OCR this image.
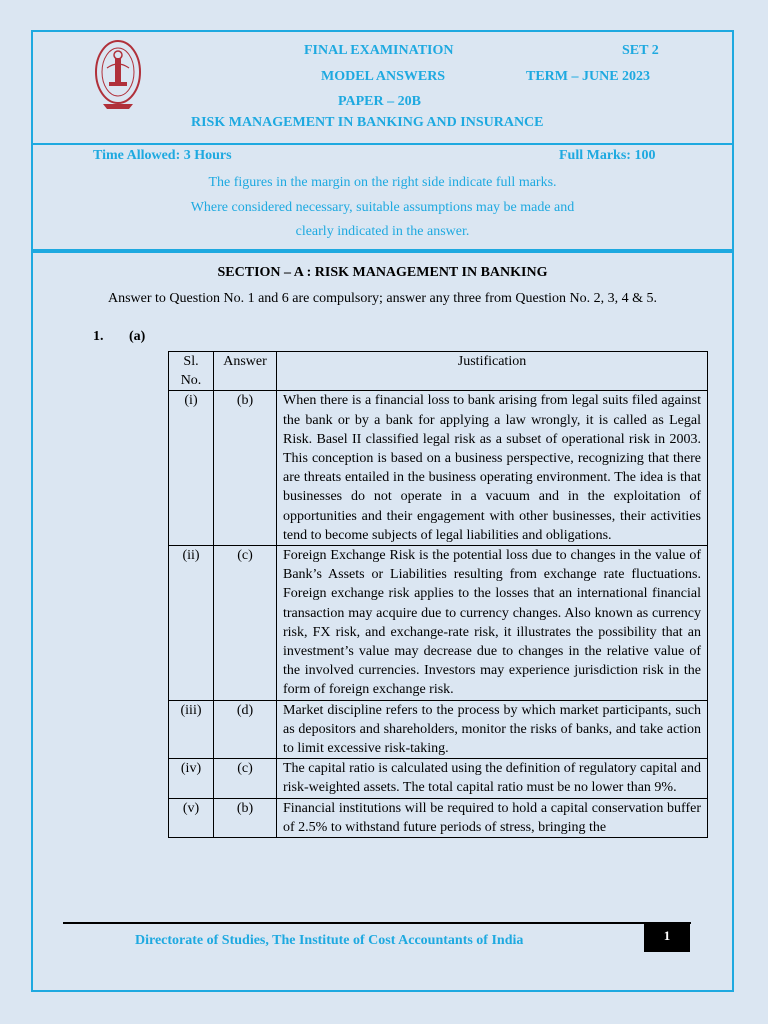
FINAL EXAMINATION	SET 2
MODEL ANSWERS	TERM – JUNE 2023
PAPER – 20B
RISK MANAGEMENT IN BANKING AND INSURANCE
Time Allowed: 3 Hours	Full Marks: 100
The figures in the margin on the right side indicate full marks.
Where considered necessary, suitable assumptions may be made and
clearly indicated in the answer.
SECTION – A : RISK MANAGEMENT IN BANKING
Answer to Question No. 1 and 6 are compulsory; answer any three from Question No. 2, 3, 4 & 5.
1. (a)
Sl. No.	Answer	Justification
(i)	(b)	When there is a financial loss to bank arising from legal suits filed against the bank or by a bank for applying a law wrongly, it is called as Legal Risk. Basel II classified legal risk as a subset of operational risk in 2003. This conception is based on a business perspective, recognizing that there are threats entailed in the business operating environment. The idea is that businesses do not operate in a vacuum and in the exploitation of opportunities and their engagement with other businesses, their activities tend to become subjects of legal liabilities and obligations.
(ii)	(c)	Foreign Exchange Risk is the potential loss due to changes in the value of Bank’s Assets or Liabilities resulting from exchange rate fluctuations. Foreign exchange risk applies to the losses that an international financial transaction may acquire due to currency changes. Also known as currency risk, FX risk, and exchange-rate risk, it illustrates the possibility that an investment’s value may decrease due to changes in the relative value of the involved currencies. Investors may experience jurisdiction risk in the form of foreign exchange risk.
(iii)	(d)	Market discipline refers to the process by which market participants, such as depositors and shareholders, monitor the risks of banks, and take action to limit excessive risk-taking.
(iv)	(c)	The capital ratio is calculated using the definition of regulatory capital and risk-weighted assets. The total capital ratio must be no lower than 9%.
(v)	(b)	Financial institutions will be required to hold a capital conservation buffer of 2.5% to withstand future periods of stress, bringing the
Directorate of Studies, The Institute of Cost Accountants of India	1
